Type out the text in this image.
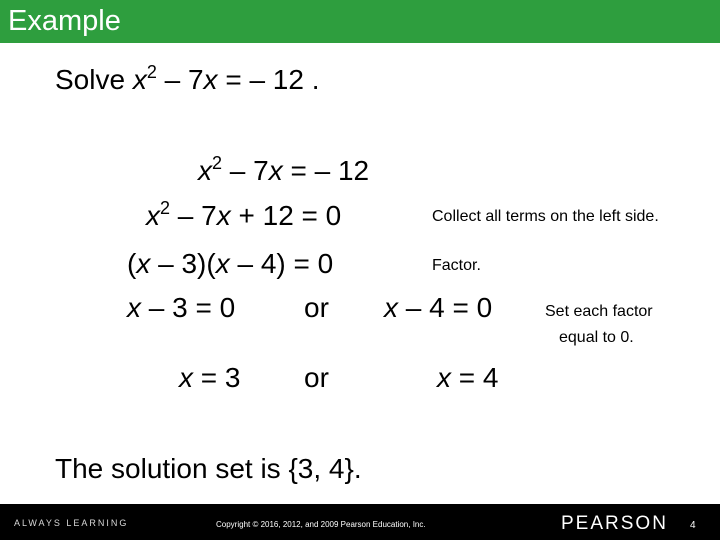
Example
Solve $x^2 - 7x$ = – 12 .
$x^2 - 7x$ = – 12
$x^2 - 7x + 12 = 0$	Collect all terms on the left side.
(x – 3)(x – 4) = 0	Factor.
x – 3 = 0 or x – 4 = 0	Set each factor
equal to 0.
x = 3 or	x = 4
The solution set is {3, 4}.
ALWAYS LEARNING	Copyright © 2016, 2012, and 2009 Pearson Education, Inc.	PEARSON 4
